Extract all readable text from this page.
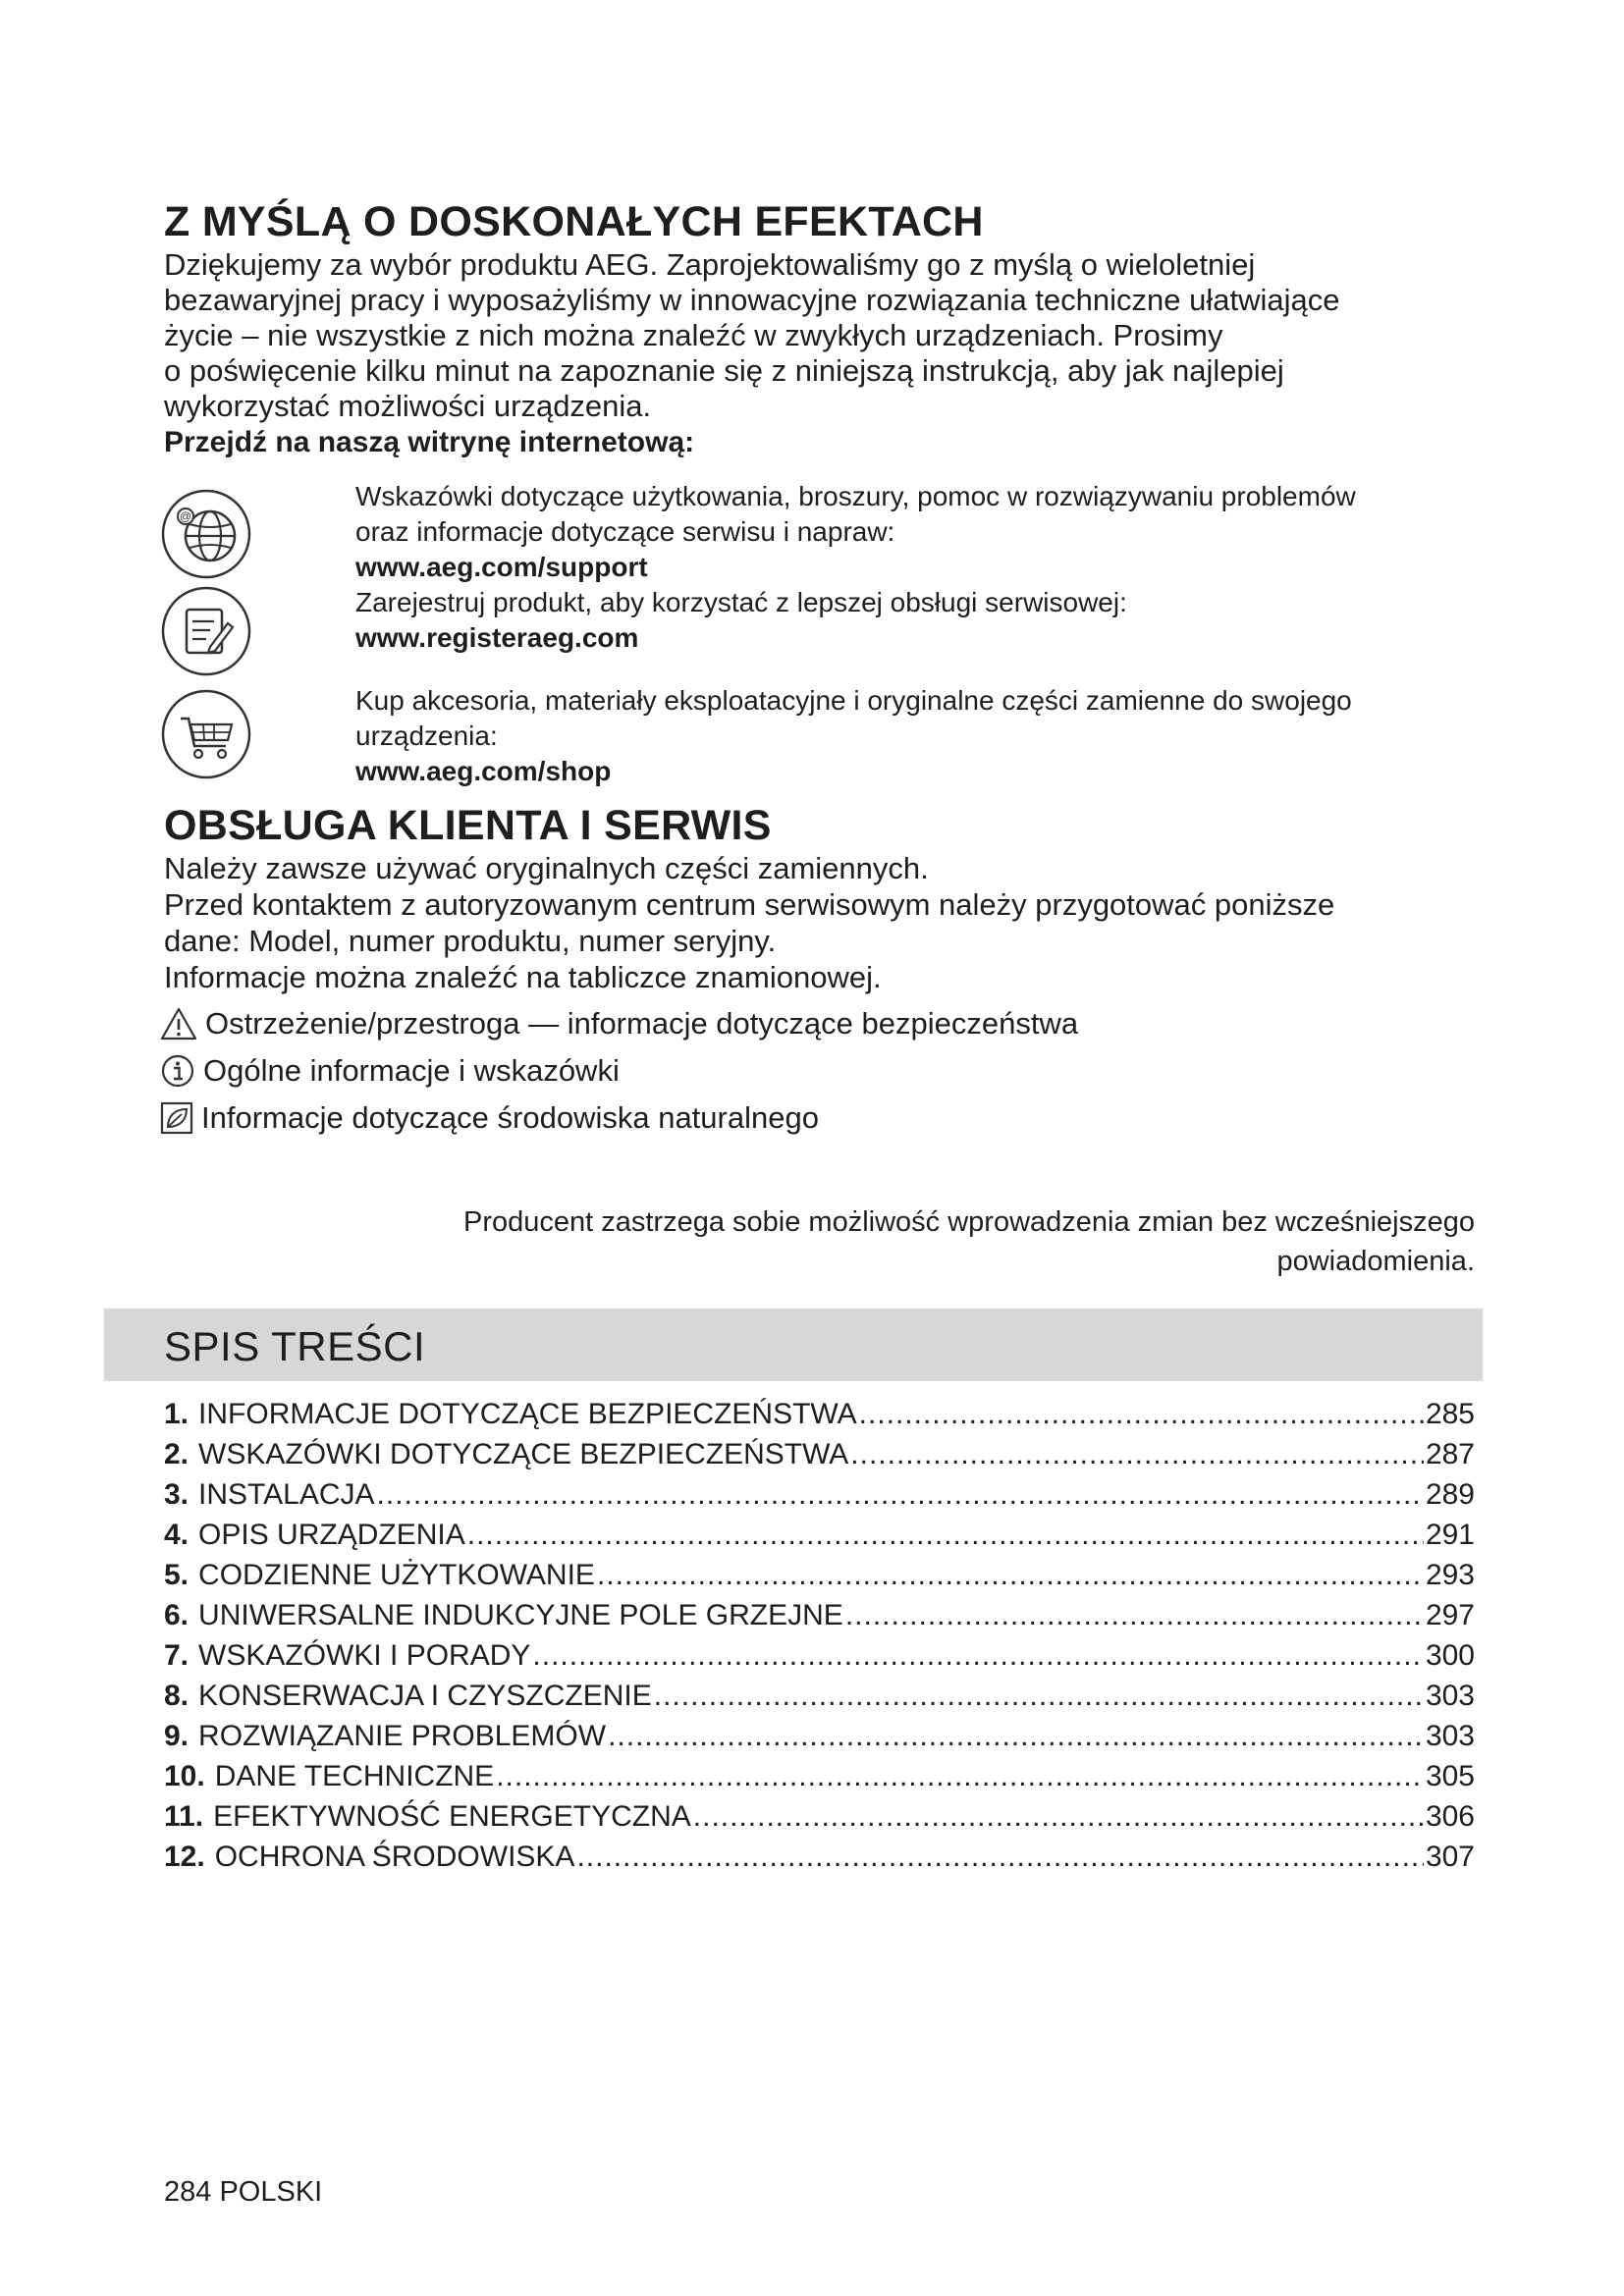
Z MYŚLĄ O DOSKONAŁYCH EFEKTACH
Dziękujemy za wybór produktu AEG. Zaprojektowaliśmy go z myślą o wieloletniej
bezawaryjnej pracy i wyposażyliśmy w innowacyjne rozwiązania techniczne ułatwiające
życie – nie wszystkie z nich można znaleźć w zwykłych urządzeniach. Prosimy
o poświęcenie kilku minut na zapoznanie się z niniejszą instrukcją, aby jak najlepiej
wykorzystać możliwości urządzenia.
Przejdź na naszą witrynę internetową:
@
Wskazówki dotyczące użytkowania, broszury, pomoc w rozwiązywaniu problemów
oraz informacje dotyczące serwisu i napraw:
www.aeg.com/support
Zarejestruj produkt, aby korzystać z lepszej obsługi serwisowej:
www.registeraeg.com
Kup akcesoria, materiały eksploatacyjne i oryginalne części zamienne do swojego
urządzenia:
www.aeg.com/shop
OBSŁUGA KLIENTA I SERWIS
Należy zawsze używać oryginalnych części zamiennych.
Przed kontaktem z autoryzowanym centrum serwisowym należy przygotować poniższe
dane: Model, numer produktu, numer seryjny.
Informacje można znaleźć na tabliczce znamionowej.
Ostrzeżenie/przestroga — informacje dotyczące bezpieczeństwa
Ogólne informacje i wskazówki
Informacje dotyczące środowiska naturalnego
Producent zastrzega sobie możliwość wprowadzenia zmian bez wcześniejszego
powiadomienia.
SPIS TREŚCI
1. INFORMACJE DOTYCZĄCE BEZPIECZEŃSTWA .....	285
2. WSKAZÓWKI DOTYCZĄCE BEZPIECZEŃSTWA .....	287
3. INSTALACJA .....	289
4. OPIS URZĄDZENIA .....	291
5. CODZIENNE UŻYTKOWANIE .....	293
6. UNIWERSALNE INDUKCYJNE POLE GRZEJNE .....	297
7. WSKAZÓWKI I PORADY .....	300
8. KONSERWACJA I CZYSZCZENIE .....	303
9. ROZWIĄZANIE PROBLEMÓW .....	303
10. DANE TECHNICZNE .....	305
11. EFEKTYWNOŚĆ ENERGETYCZNA .....	306
12. OCHRONA ŚRODOWISKA .....	307
284 POLSKI
